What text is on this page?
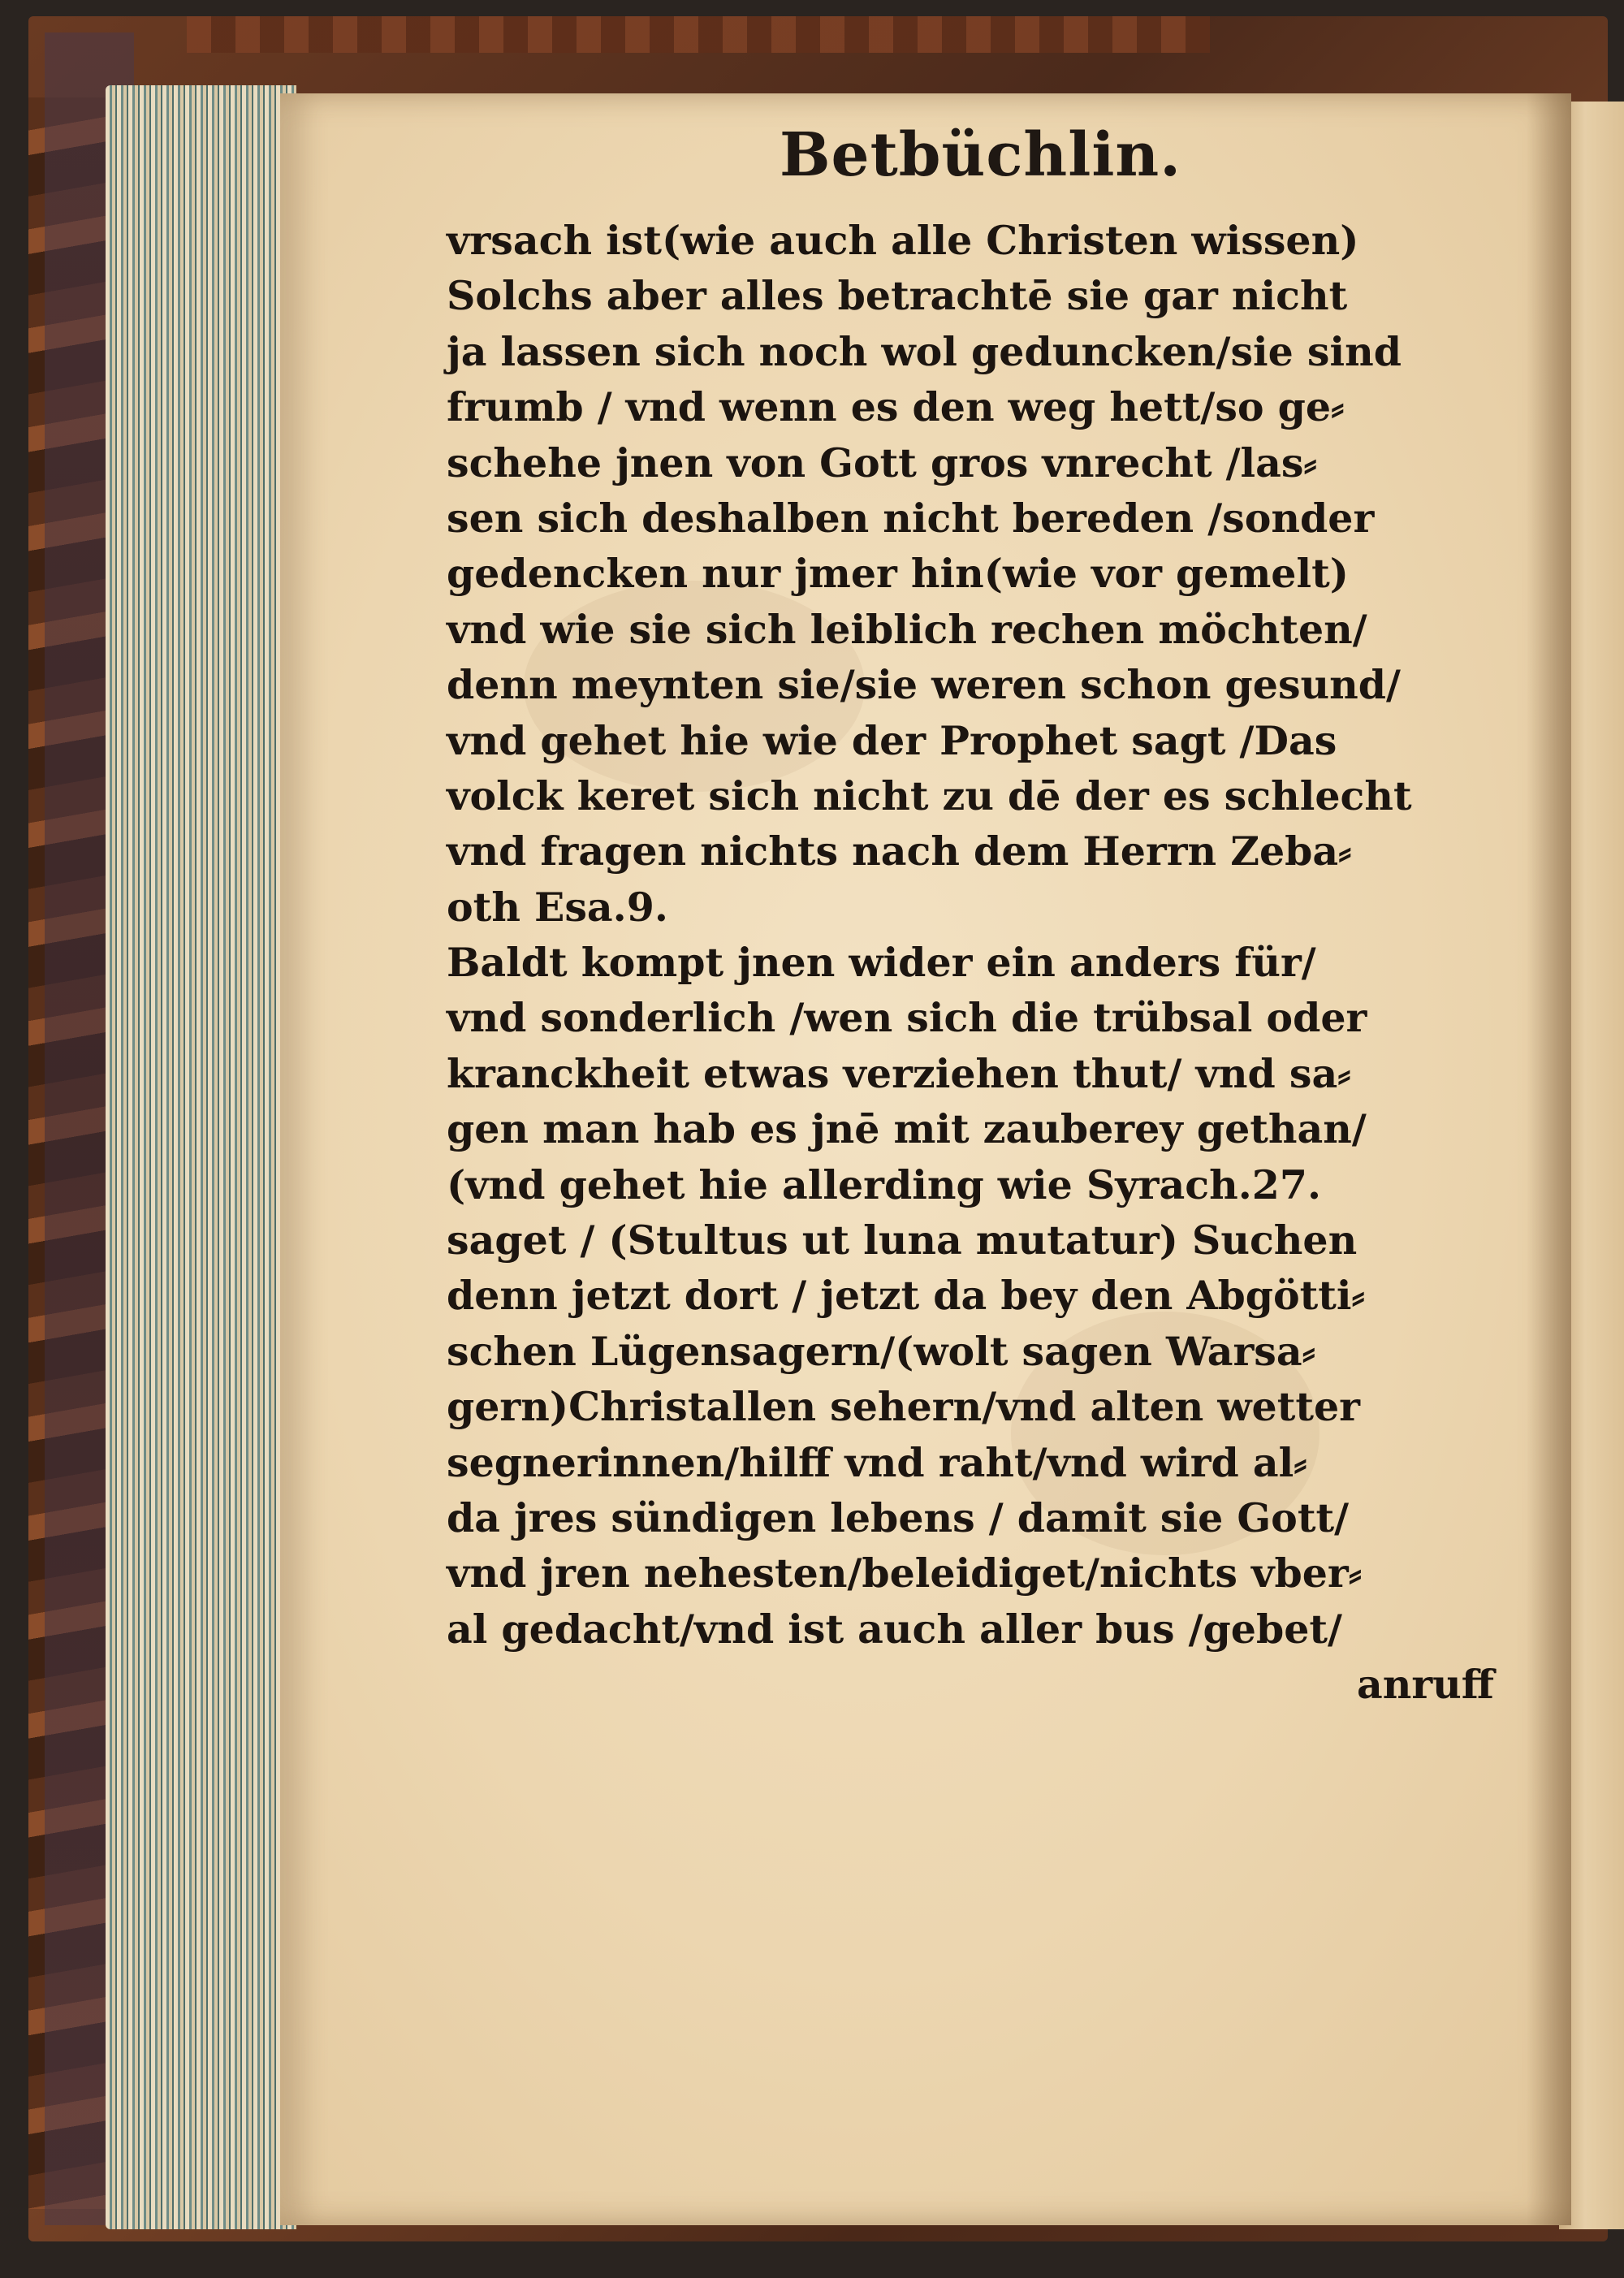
Betbüchlin.
vrsach ist(wie auch alle Christen wissen)
Solchs aber alles betrachtē sie gar nicht
ja lassen sich noch wol geduncken/sie sind
frumb / vnd wenn es den weg hett/so ge⸗
schehe jnen von Gott gros vnrecht /las⸗
sen sich deshalben nicht bereden /sonder
gedencken nur jmer hin(wie vor gemelt)
vnd wie sie sich leiblich rechen möchten/
denn meynten sie/sie weren schon gesund/
vnd gehet hie wie der Prophet sagt /Das
volck keret sich nicht zu dē der es schlecht
vnd fragen nichts nach dem Herrn Zeba⸗
oth Esa.9.
Baldt kompt jnen wider ein anders für/
vnd sonderlich /wen sich die trübsal oder
kranckheit etwas verziehen thut/ vnd sa⸗
gen man hab es jnē mit zauberey gethan/
(vnd gehet hie allerding wie Syrach.27.
saget / (Stultus ut luna mutatur) Suchen
denn jetzt dort / jetzt da bey den Abgötti⸗
schen Lügensagern/(wolt sagen Warsa⸗
gern)Christallen sehern/vnd alten wetter
segnerinnen/hilff vnd raht/vnd wird al⸗
da jres sündigen lebens / damit sie Gott/
vnd jren nehesten/beleidiget/nichts vber⸗
al gedacht/vnd ist auch aller bus /gebet/
anruff
